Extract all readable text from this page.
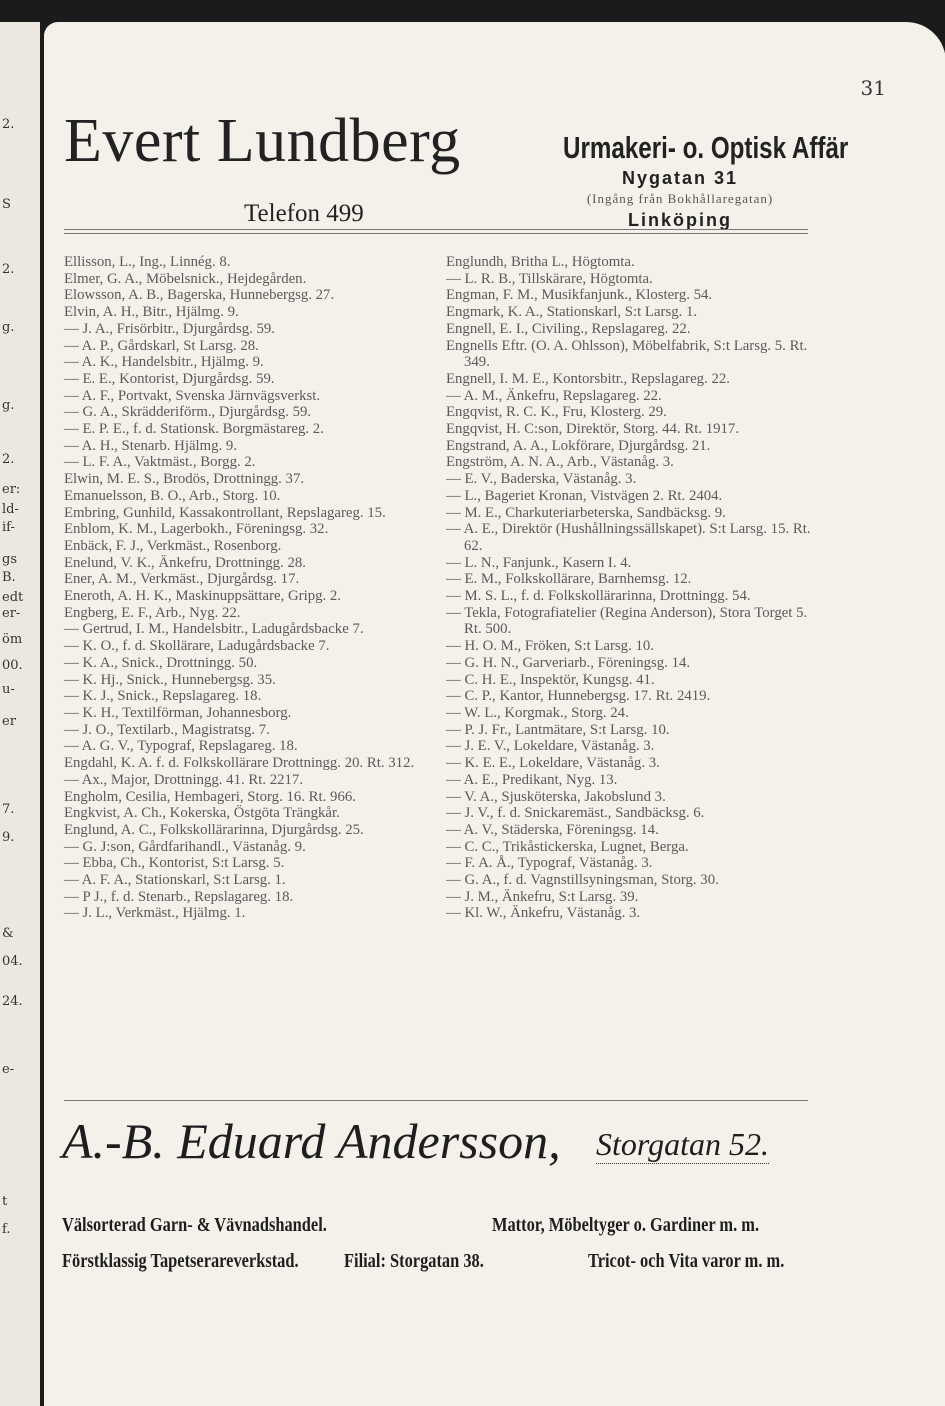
2.
S
2.
g.
g.
2.
er:
ld-
if-
gs
B.
edt
er-
öm
00.
u-
er
7.
9.
&
04.
24.
e-
t
f.
31
Evert Lundberg
Telefon 499
Urmakeri- o. Optisk Affär
Nygatan 31
(Ingång från Bokhållaregatan)
Linköping
Ellisson, L., Ing., Linnég. 8.
Elmer, G. A., Möbelsnick., Hejdegården.
Elowsson, A. B., Bagerska, Hunnebergsg. 27.
Elvin, A. H., Bitr., Hjälmg. 9.
— J. A., Frisörbitr., Djurgårdsg. 59.
— A. P., Gårdskarl, St Larsg. 28.
— A. K., Handelsbitr., Hjälmg. 9.
— E. E., Kontorist, Djurgårdsg. 59.
— A. F., Portvakt, Svenska Järnvägsverkst.
— G. A., Skrädderiförm., Djurgårdsg. 59.
— E. P. E., f. d. Stationsk. Borgmästareg. 2.
— A. H., Stenarb. Hjälmg. 9.
— L. F. A., Vaktmäst., Borgg. 2.
Elwin, M. E. S., Brodös, Drottningg. 37.
Emanuelsson, B. O., Arb., Storg. 10.
Embring, Gunhild, Kassakontrollant, Repslagareg. 15.
Enblom, K. M., Lagerbokh., Föreningsg. 32.
Enbäck, F. J., Verkmäst., Rosenborg.
Enelund, V. K., Änkefru, Drottningg. 28.
Ener, A. M., Verkmäst., Djurgårdsg. 17.
Eneroth, A. H. K., Maskinuppsättare, Gripg. 2.
Engberg, E. F., Arb., Nyg. 22.
— Gertrud, I. M., Handelsbitr., Ladugårdsbacke 7.
— K. O., f. d. Skollärare, Ladugårdsbacke 7.
— K. A., Snick., Drottningg. 50.
— K. Hj., Snick., Hunnebergsg. 35.
— K. J., Snick., Repslagareg. 18.
— K. H., Textilförman, Johannesborg.
— J. O., Textilarb., Magistratsg. 7.
— A. G. V., Typograf, Repslagareg. 18.
Engdahl, K. A. f. d. Folkskollärare Drottningg. 20. Rt. 312.
— Ax., Major, Drottningg. 41. Rt. 2217.
Engholm, Cesilia, Hembageri, Storg. 16. Rt. 966.
Engkvist, A. Ch., Kokerska, Östgöta Trängkår.
Englund, A. C., Folkskollärarinna, Djurgårdsg. 25.
— G. J:son, Gårdfarihandl., Västanåg. 9.
— Ebba, Ch., Kontorist, S:t Larsg. 5.
— A. F. A., Stationskarl, S:t Larsg. 1.
— P J., f. d. Stenarb., Repslagareg. 18.
— J. L., Verkmäst., Hjälmg. 1.
Englundh, Britha L., Högtomta.
— L. R. B., Tillskärare, Högtomta.
Engman, F. M., Musikfanjunk., Klosterg. 54.
Engmark, K. A., Stationskarl, S:t Larsg. 1.
Engnell, E. I., Civiling., Repslagareg. 22.
Engnells Eftr. (O. A. Ohlsson), Möbelfabrik, S:t Larsg. 5. Rt. 349.
Engnell, I. M. E., Kontorsbitr., Repslagareg. 22.
— A. M., Änkefru, Repslagareg. 22.
Engqvist, R. C. K., Fru, Klosterg. 29.
Engqvist, H. C:son, Direktör, Storg. 44. Rt. 1917.
Engstrand, A. A., Lokförare, Djurgårdsg. 21.
Engström, A. N. A., Arb., Västanåg. 3.
— E. V., Baderska, Västanåg. 3.
— L., Bageriet Kronan, Vistvägen 2. Rt. 2404.
— M. E., Charkuteriarbeterska, Sandbäcksg. 9.
— A. E., Direktör (Hushållningssällskapet). S:t Larsg. 15. Rt. 62.
— L. N., Fanjunk., Kasern I. 4.
— E. M., Folkskollärare, Barnhemsg. 12.
— M. S. L., f. d. Folkskollärarinna, Drottningg. 54.
— Tekla, Fotografiatelier (Regina Anderson), Stora Torget 5. Rt. 500.
— H. O. M., Fröken, S:t Larsg. 10.
— G. H. N., Garveriarb., Föreningsg. 14.
— C. H. E., Inspektör, Kungsg. 41.
— C. P., Kantor, Hunnebergsg. 17. Rt. 2419.
— W. L., Korgmak., Storg. 24.
— P. J. Fr., Lantmätare, S:t Larsg. 10.
— J. E. V., Lokeldare, Västanåg. 3.
— K. E. E., Lokeldare, Västanåg. 3.
— A. E., Predikant, Nyg. 13.
— V. A., Sjusköterska, Jakobslund 3.
— J. V., f. d. Snickaremäst., Sandbäcksg. 6.
— A. V., Städerska, Föreningsg. 14.
— C. C., Trikåstickerska, Lugnet, Berga.
— F. A. Å., Typograf, Västanåg. 3.
— G. A., f. d. Vagnstillsyningsman, Storg. 30.
— J. M., Änkefru, S:t Larsg. 39.
— Kl. W., Änkefru, Västanåg. 3.
A.-B. Eduard Andersson, Storgatan 52.
Välsorterad Garn- & Vävnadshandel.	Mattor, Möbeltyger o. Gardiner m. m.
Förstklassig Tapetserareverkstad. Filial: Storgatan 38.	Tricot- och Vita varor m. m.
